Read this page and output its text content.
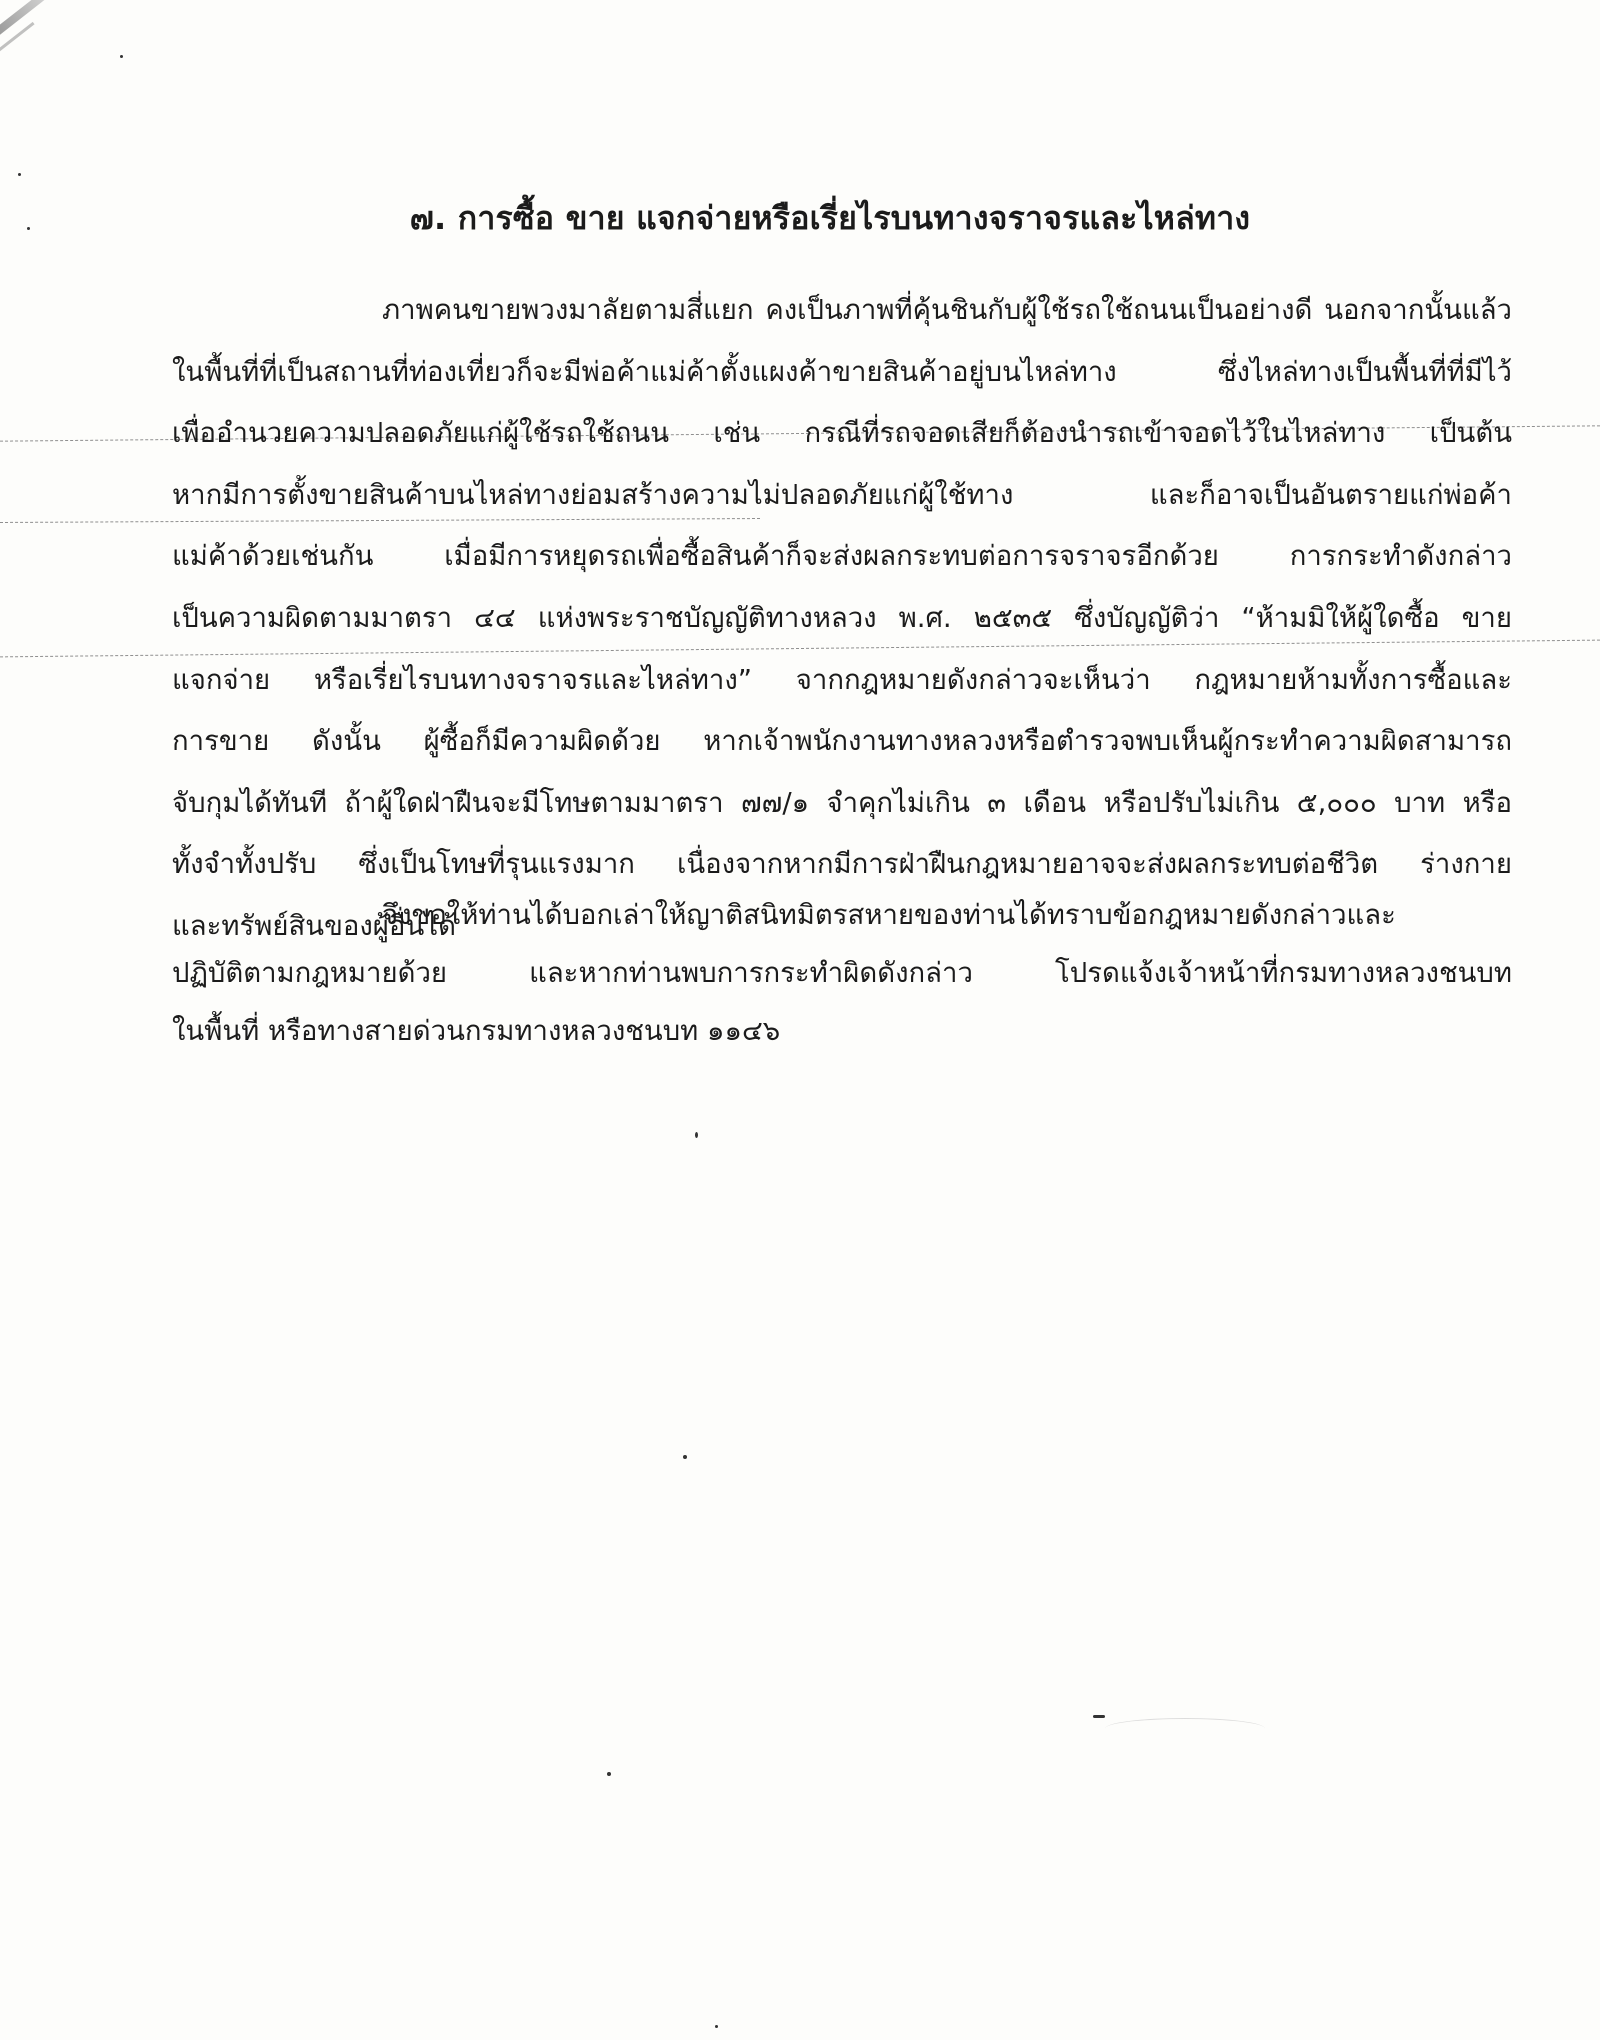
๗. การซื้อ ขาย แจกจ่ายหรือเรี่ยไรบนทางจราจรและไหล่ทาง
ภาพคนขายพวงมาลัยตามสี่แยก คงเป็นภาพที่คุ้นชินกับผู้ใช้รถใช้ถนนเป็นอย่างดี นอกจากนั้นแล้ว
ในพื้นที่ที่เป็นสถานที่ท่องเที่ยวก็จะมีพ่อค้าแม่ค้าตั้งแผงค้าขายสินค้าอยู่บนไหล่ทาง ซึ่งไหล่ทางเป็นพื้นที่ที่มีไว้
เพื่ออำนวยความปลอดภัยแก่ผู้ใช้รถใช้ถนน เช่น กรณีที่รถจอดเสียก็ต้องนำรถเข้าจอดไว้ในไหล่ทาง เป็นต้น
หากมีการตั้งขายสินค้าบนไหล่ทางย่อมสร้างความไม่ปลอดภัยแก่ผู้ใช้ทาง และก็อาจเป็นอันตรายแก่พ่อค้า
แม่ค้าด้วยเช่นกัน เมื่อมีการหยุดรถเพื่อซื้อสินค้าก็จะส่งผลกระทบต่อการจราจรอีกด้วย การกระทำดังกล่าว
เป็นความผิดตามมาตรา ๔๔ แห่งพระราชบัญญัติทางหลวง พ.ศ. ๒๕๓๕ ซึ่งบัญญัติว่า “ห้ามมิให้ผู้ใดซื้อ ขาย
แจกจ่าย หรือเรี่ยไรบนทางจราจรและไหล่ทาง” จากกฎหมายดังกล่าวจะเห็นว่า กฎหมายห้ามทั้งการซื้อและ
การขาย ดังนั้น ผู้ซื้อก็มีความผิดด้วย หากเจ้าพนักงานทางหลวงหรือตำรวจพบเห็นผู้กระทำความผิดสามารถ
จับกุมได้ทันที ถ้าผู้ใดฝ่าฝืนจะมีโทษตามมาตรา ๗๗/๑ จำคุกไม่เกิน ๓ เดือน หรือปรับไม่เกิน ๕,๐๐๐ บาท หรือ
ทั้งจำทั้งปรับ ซึ่งเป็นโทษที่รุนแรงมาก เนื่องจากหากมีการฝ่าฝืนกฎหมายอาจจะส่งผลกระทบต่อชีวิต ร่างกาย
และทรัพย์สินของผู้อื่นได้
จึงขอให้ท่านได้บอกเล่าให้ญาติสนิทมิตรสหายของท่านได้ทราบข้อกฎหมายดังกล่าวและ
ปฏิบัติตามกฎหมายด้วย และหากท่านพบการกระทำผิดดังกล่าว โปรดแจ้งเจ้าหน้าที่กรมทางหลวงชนบท
ในพื้นที่ หรือทางสายด่วนกรมทางหลวงชนบท ๑๑๔๖
